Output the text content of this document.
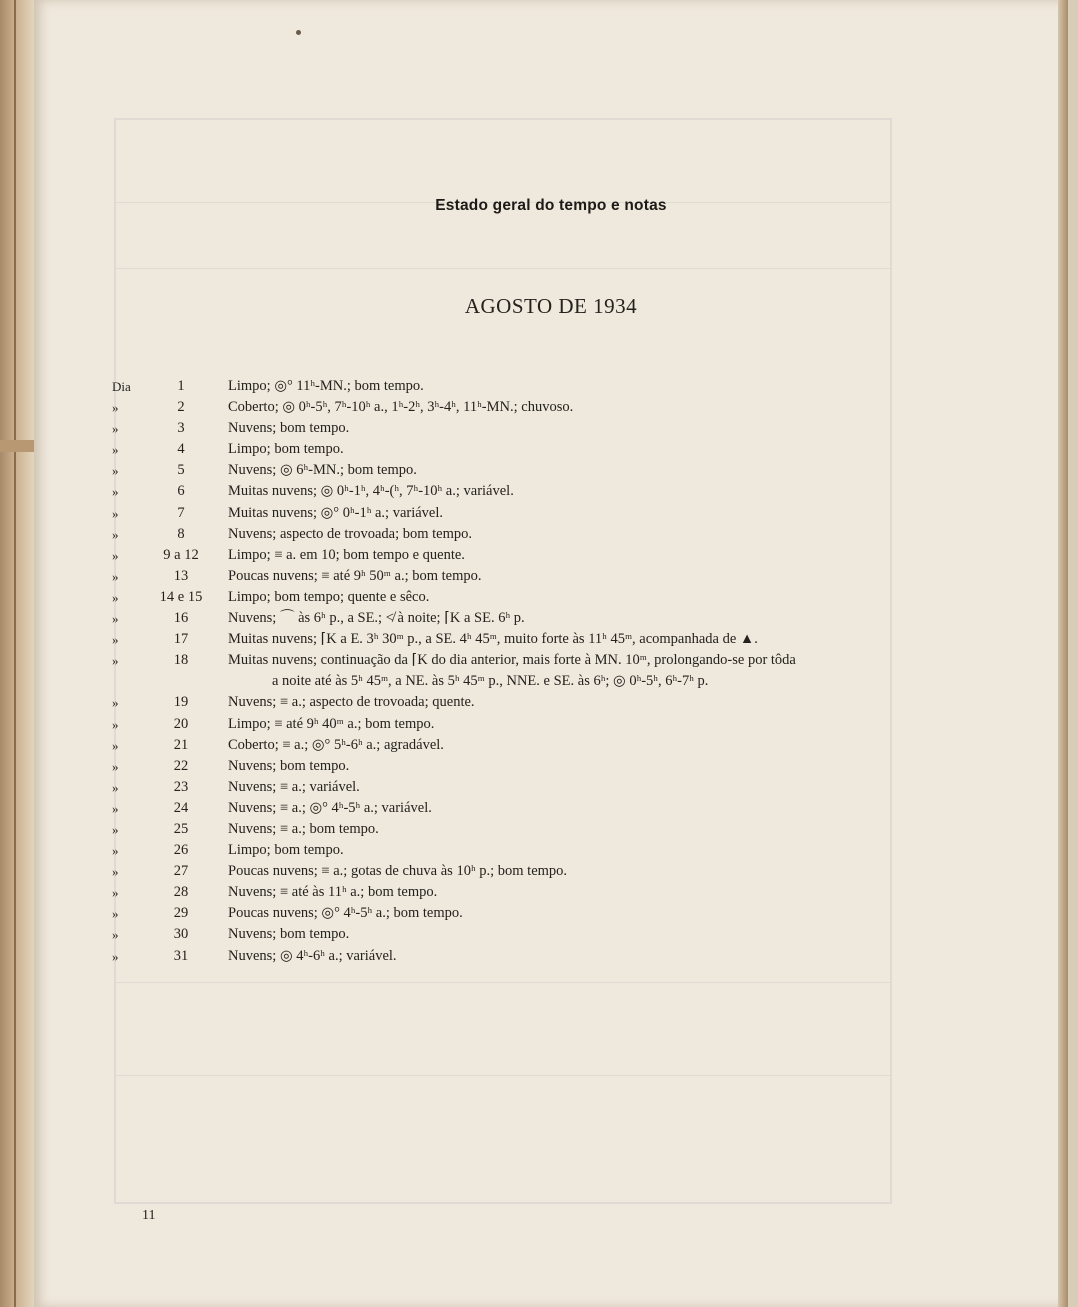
Estado geral do tempo e notas
AGOSTO DE 1934
Dia	1	Limpo; ◎° 11ʰ-MN.; bom tempo.
»	2	Coberto; ◎ 0ʰ-5ʰ, 7ʰ-10ʰ a., 1ʰ-2ʰ, 3ʰ-4ʰ, 11ʰ-MN.; chuvoso.
»	3	Nuvens; bom tempo.
»	4	Limpo; bom tempo.
»	5	Nuvens; ◎ 6ʰ-MN.; bom tempo.
»	6	Muitas nuvens; ◎ 0ʰ-1ʰ, 4ʰ-(ʰ, 7ʰ-10ʰ a.; variável.
»	7	Muitas nuvens; ◎° 0ʰ-1ʰ a.; variável.
»	8	Nuvens; aspecto de trovoada; bom tempo.
»	9 a 12	Limpo; ≡ a. em 10; bom tempo e quente.
»	13	Poucas nuvens; ≡ até 9ʰ 50ᵐ a.; bom tempo.
»	14 e 15	Limpo; bom tempo; quente e sêco.
»	16	Nuvens; ⌒ às 6ʰ p., a SE.; ≮ à noite; ⌈K a SE. 6ʰ p.
»	17	Muitas nuvens; ⌈K a E. 3ʰ 30ᵐ p., a SE. 4ʰ 45ᵐ, muito forte às 11ʰ 45ᵐ, acompanhada de ▲.
»	18	Muitas nuvens; continuação da ⌈K do dia anterior, mais forte à MN. 10ᵐ, prolongando-se por tôda
a noite até às 5ʰ 45ᵐ, a NE. às 5ʰ 45ᵐ p., NNE. e SE. às 6ʰ; ◎ 0ʰ-5ʰ, 6ʰ-7ʰ p.
»	19	Nuvens; ≡ a.; aspecto de trovoada; quente.
»	20	Limpo; ≡ até 9ʰ 40ᵐ a.; bom tempo.
»	21	Coberto; ≡ a.; ◎° 5ʰ-6ʰ a.; agradável.
»	22	Nuvens; bom tempo.
»	23	Nuvens; ≡ a.; variável.
»	24	Nuvens; ≡ a.; ◎° 4ʰ-5ʰ a.; variável.
»	25	Nuvens; ≡ a.; bom tempo.
»	26	Limpo; bom tempo.
»	27	Poucas nuvens; ≡ a.; gotas de chuva às 10ʰ p.; bom tempo.
»	28	Nuvens; ≡ até às 11ʰ a.; bom tempo.
»	29	Poucas nuvens; ◎° 4ʰ-5ʰ a.; bom tempo.
»	30	Nuvens; bom tempo.
»	31	Nuvens; ◎ 4ʰ-6ʰ a.; variável.
11
